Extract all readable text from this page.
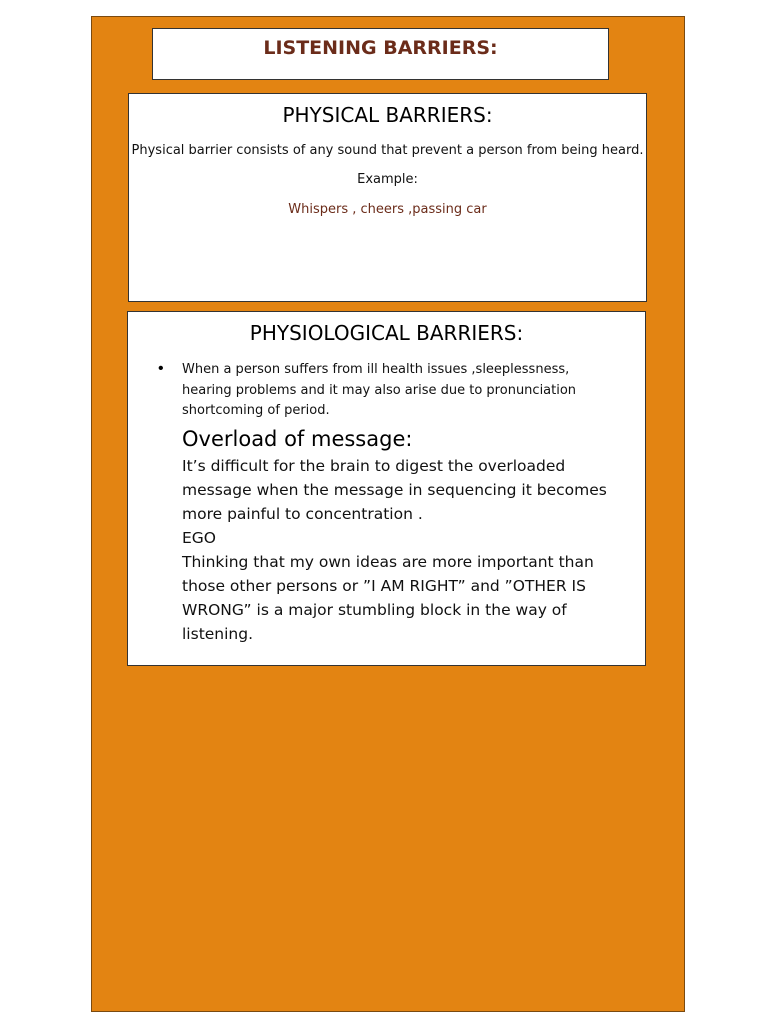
LISTENING BARRIERS:
PHYSICAL BARRIERS:
Physical barrier consists of any sound that prevent a person from being heard.
Example:
Whispers , cheers ,passing car
PHYSIOLOGICAL BARRIERS:
• When a person suffers from ill health issues ,sleeplessness, hearing problems and it may also arise due to pronunciation shortcoming of period.
Overload of message:
It’s difficult for the brain to digest the overloaded message when the message in sequencing it becomes more painful to concentration .
EGO
Thinking that my own ideas are more important than those other persons or ”I AM RIGHT” and ”OTHER IS WRONG” is a major stumbling block in the way of listening.
